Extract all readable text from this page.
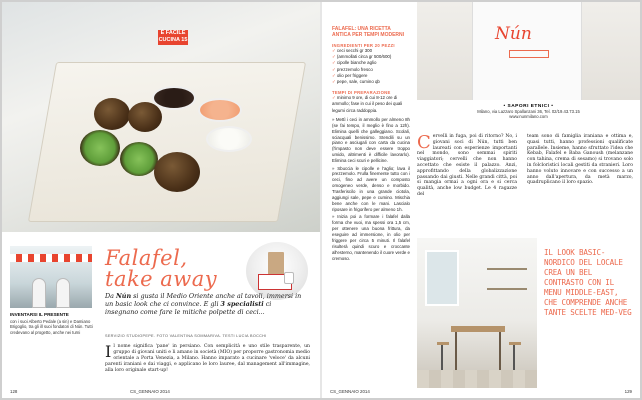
È FACILE
CUCINA 15
INVENTARSI IL PRESENTE
con i suoi Alberto Pedale (a sin) e Damiano Brigoglio, tra gli ill suoi fondatori di Nún. Tutti credevano al progetto, anche nei turni
Falafel,
take away
Da Nún si gusta il Medio Oriente anche al tavoli, immersi in un basic look che ci convince. E gli 3 specialisti ci insegnano come fare le mitiche polpette di ceci...
SERVIZIO STUDIOPEPE. FOTO VALENTINA SOMMARIVA. TESTI LUCIA BOCCHI
Il nome significa 'pane' in persiano. Con semplicità e uno stile trasparente, un gruppo di giovani uniti e li amano in società (MIO) per proporre gastronomia medio orientale a Porta Venezia, a Milano. Hanno imparato a cucinare 'veloce' da alcuni parenti iraniani e dai viaggi, e applicano le loro lauree, dal management all'immagine, alla loro originale start-up!
128	CS_GENNAIO 2014
FALAFEL: UNA RICETTA ANTICA PER TEMPI MODERNI
INGREDIENTI PER 20 PEZZI
✓ ceci secchi gr 300
✓ (ammollati circa gr 500/600)
✓ cipolle bianche aglio
✓ prezzemolo fresco
✓ olio per friggere
✓ pepe, sale, cumino qb
TEMPI DI PREPARAZIONE
✓ minimo 9 ore, di cui 8-12 ore di ammollo; fase in cui il peso dei quali legumi circa raddoppia.

» Mettì i ceci in ammollo per almeno 8h (se fai tempo, il meglio è fino a 12h). Elimina quelli che galleggiano. Scolali, sciacquali benissimo. Stendili su un piano e asciugali con carta da cucina (l'impasto non deve essere troppo umido, altrimenti è difficile lavorarlo). Elimina ceci scuri e pellicine.

» Sbuccia le cipolle e l'aglio; lava il prezzemolo. Frulla finemente tutto con i ceci, fino ad avere un composto omogeneo verde, denso e morbido. Trasferiscilo in una grande ciotola, aggiungi sale, pepe e cumino. Mischia bene anche con le mani. Lascialo riposare in frigorifero per almeno 1h.

» Inizia poi a formare i falafel dalla forma che vuoi, ma spessi ora 1,5 cm, per ottenere una buona frittura, da eseguire ad immersione, in olio per friggere per circa 5 minuti. Il falafel risulterà quindi scuro e croccante all'esterno, mantenendo il cuore verde e cremoso.

Nún
• SAPORI ETNICI •
Milano, via Lazzaro Spallanzani 36, Tel. 02/19.43.73.15
www.nunmilano.com
Cervelli in fuga, poi di ritorno? No, i giovani soci di Nún, tutti ben laureati con esperienze importanti nel mondo, sono semmai spiriti viaggiatori; cervelli che non hanno accettato che esiste il palazzo. Anzi, approfittando della globalizzazione passando dai giusti. Nelle grandi città, poi si mangia ormai a ogni ora e si cerca qualità, anche low budget. Le 4 ragazze del
team sono di famiglia iraniana e ottima e, quasi tutti, hanno professioni qualificate parallele. Insieme, hanno sfruttato l'idea che Kebab, Falafel e Baba Ganoush (melanzane con tahina, crema di sesamo) si trovano solo in folcloristici locali gestiti da stranieri. Loro hanno voluto innovare e con successo a un anno dall'apertura, da metà marzo, quadruplicano il loro spazio.
IL LOOK BASIC-NORDICO DEL LOCALE CREA UN BEL CONTRASTO CON IL MENU MIDDLE-EAST, CHE COMPRENDE ANCHE TANTE SCELTE MED-VEG
CS_GENNAIO 2014	129
